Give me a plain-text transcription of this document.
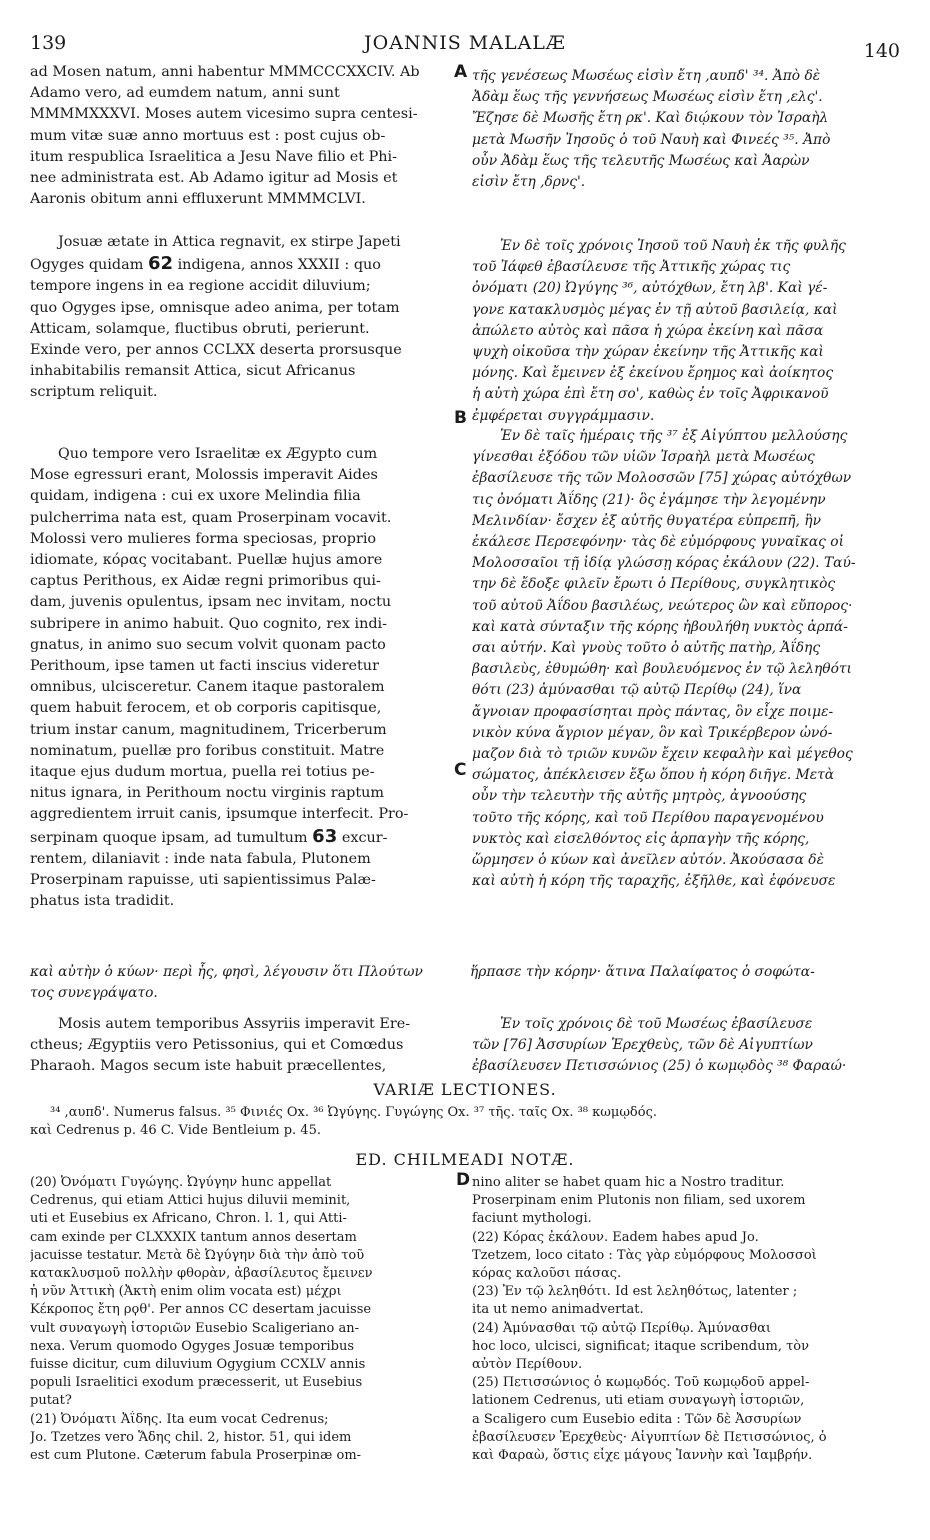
139	JOANNIS MALALÆ	140
ad Mosen natum, anni habentur MMMCCCXXCIV. Ab
Adamo vero, ad eumdem natum, anni sunt
MMMMXXXVI. Moses autem vicesimo supra centesi-
mum vitæ suæ anno mortuus est : post cujus ob-
itum respublica Israelitica a Jesu Nave filio et Phi-
nee administrata est. Ab Adamo igitur ad Mosis et
Aaronis obitum anni effluxerunt MMMMCLVI.
Josuæ ætate in Attica regnavit, ex stirpe Japeti
Ogyges quidam 62 indigena, annos XXXII : quo
tempore ingens in ea regione accidit diluvium;
quo Ogyges ipse, omnisque adeo anima, per totam
Atticam, solamque, fluctibus obruti, perierunt.
Exinde vero, per annos CCLXX deserta prorsusque
inhabitabilis remansit Attica, sicut Africanus
scriptum reliquit.
Quo tempore vero Israelitæ ex Ægypto cum
Mose egressuri erant, Molossis imperavit Aides
quidam, indigena : cui ex uxore Melindia filia
pulcherrima nata est, quam Proserpinam vocavit.
Molossi vero mulieres forma speciosas, proprio
idiomate, κόρας vocitabant. Puellæ hujus amore
captus Perithous, ex Aidæ regni primoribus qui-
dam, juvenis opulentus, ipsam nec invitam, noctu
subripere in animo habuit. Quo cognito, rex indi-
gnatus, in animo suo secum volvit quonam pacto
Perithoum, ipse tamen ut facti inscius videretur
omnibus, ulcisceretur. Canem itaque pastoralem
quem habuit ferocem, et ob corporis capitisque,
trium instar canum, magnitudinem, Tricerberum
nominatum, puellæ pro foribus constituit. Matre
itaque ejus dudum mortua, puella rei totius pe-
nitus ignara, in Perithoum noctu virginis raptum
aggredientem irruit canis, ipsumque interfecit. Pro-
serpinam quoque ipsam, ad tumultum 63 excur-
rentem, dilaniavit : inde nata fabula, Plutonem
Proserpinam rapuisse, uti sapientissimus Palæ-
phatus ista tradidit.
τῆς γενέσεως Μωσέως εἰσὶν ἔτη ,αυπδ' ³⁴. Ἀπὸ δὲ
Ἀδὰμ ἕως τῆς γεννήσεως Μωσέως εἰσὶν ἔτη ,ελς'.
Ἔζησε δὲ Μωσῆς ἔτη ρκ'. Καὶ διῴκουν τὸν Ἰσραὴλ
μετὰ Μωσῆν Ἰησοῦς ὁ τοῦ Ναυὴ καὶ Φινεές ³⁵. Ἀπὸ
οὖν Ἀδὰμ ἕως τῆς τελευτῆς Μωσέως καὶ Ἀαρὼν
εἰσὶν ἔτη ,δρνς'.
Ἐν δὲ τοῖς χρόνοις Ἰησοῦ τοῦ Ναυὴ ἐκ τῆς φυλῆς
τοῦ Ἰάφεθ ἐβασίλευσε τῆς Ἀττικῆς χώρας τις
ὀνόματι (20) Ὠγύγης ³⁶, αὐτόχθων, ἔτη λβ'. Καὶ γέ-
γονε κατακλυσμὸς μέγας ἐν τῇ αὐτοῦ βασιλείᾳ, καὶ
ἀπώλετο αὐτὸς καὶ πᾶσα ἡ χώρα ἐκείνη καὶ πᾶσα
ψυχὴ οἰκοῦσα τὴν χώραν ἐκείνην τῆς Ἀττικῆς καὶ
μόνης. Καὶ ἔμεινεν ἐξ ἐκείνου ἔρημος καὶ ἀοίκητος
ἡ αὐτὴ χώρα ἐπὶ ἔτη σο', καθὼς ἐν τοῖς Ἀφρικανοῦ
ἐμφέρεται συγγράμμασιν.
Ἐν δὲ ταῖς ἡμέραις τῆς ³⁷ ἐξ Αἰγύπτου μελλούσης
γίνεσθαι ἐξόδου τῶν υἱῶν Ἰσραὴλ μετὰ Μωσέως
ἐβασίλευσε τῆς τῶν Μολοσσῶν [75] χώρας αὐτόχθων
τις ὀνόματι Ἀΐδης (21)· ὃς ἐγάμησε τὴν λεγομένην
Μελινδίαν· ἔσχεν ἐξ αὐτῆς θυγατέρα εὐπρεπῆ, ἣν
ἐκάλεσε Περσεφόνην· τὰς δὲ εὐμόρφους γυναῖκας οἱ
Μολοσσαῖοι τῇ ἰδίᾳ γλώσσῃ κόρας ἐκάλουν (22). Ταύ-
την δὲ ἔδοξε φιλεῖν ἔρωτι ὁ Περίθους, συγκλητικὸς
τοῦ αὐτοῦ Ἀΐδου βασιλέως, νεώτερος ὢν καὶ εὔπορος·
καὶ κατὰ σύνταξιν τῆς κόρης ἠβουλήθη νυκτὸς ἁρπά-
σαι αὐτήν. Καὶ γνοὺς τοῦτο ὁ αὐτῆς πατὴρ, Ἀΐδης
βασιλεὺς, ἐθυμώθη· καὶ βουλευόμενος ἐν τῷ λεληθότι
θότι (23) ἀμύνασθαι τῷ αὐτῷ Περίθῳ (24), ἵνα
ἄγνοιαν προφασίσηται πρὸς πάντας, ὃν εἶχε ποιμε-
νικὸν κύνα ἄγριον μέγαν, ὃν καὶ Τρικέρβερον ὠνό-
μαζον διὰ τὸ τριῶν κυνῶν ἔχειν κεφαλὴν καὶ μέγεθος
σώματος, ἀπέκλεισεν ἔξω ὅπου ἡ κόρη διῆγε. Μετὰ
οὖν τὴν τελευτὴν τῆς αὐτῆς μητρὸς, ἀγνοούσης
τοῦτο τῆς κόρης, καὶ τοῦ Περίθου παραγενομένου
νυκτὸς καὶ εἰσελθόντος εἰς ἁρπαγὴν τῆς κόρης,
ὥρμησεν ὁ κύων καὶ ἀνεῖλεν αὐτόν. Ἀκούσασα δὲ
καὶ αὐτὴ ἡ κόρη τῆς ταραχῆς, ἐξῆλθε, καὶ ἐφόνευσε
A
B
C
D
καὶ αὐτὴν ὁ κύων· περὶ ἧς, φησὶ, λέγουσιν ὅτι Πλούτων	ἥρπασε τὴν κόρην· ἅτινα Παλαίφατος ὁ σοφώτα-
τος συνεγράψατο.
Mosis autem temporibus Assyriis imperavit Ere-
ctheus; Ægyptiis vero Petissonius, qui et Comœdus
Pharaoh. Magos secum iste habuit præcellentes,
Ἐν τοῖς χρόνοις δὲ τοῦ Μωσέως ἐβασίλευσε
τῶν [76] Ἀσσυρίων Ἐρεχθεὺς, τῶν δὲ Αἰγυπτίων
ἐβασίλευσεν Πετισσώνιος (25) ὁ κωμῳδὸς ³⁸ Φαραώ·
VARIÆ LECTIONES.
³⁴ ,αυπδ'. Numerus falsus. ³⁵ Φινιές Ox. ³⁶ Ὠγύγης. Γυγώγης Ox. ³⁷ τῆς. ταῖς Ox. ³⁸ κωμῳδός.
καὶ Cedrenus p. 46 C. Vide Bentleium p. 45.
ED. CHILMEADI NOTÆ.
(20) Ὀνόματι Γυγώγης. Ὠγύγην hunc appellat
Cedrenus, qui etiam Attici hujus diluvii meminit,
uti et Eusebius ex Africano, Chron. l. 1, qui Atti-
cam exinde per CLXXXIX tantum annos desertam
jacuisse testatur. Μετὰ δὲ Ὠγύγην διὰ τὴν ἀπὸ τοῦ
κατακλυσμοῦ πολλὴν φθορὰν, ἀβασίλευτος ἔμεινεν
ἡ νῦν Ἀττικὴ (Ἀκτὴ enim olim vocata est) μέχρι
Κέκροπος ἔτη ρϙθ'. Per annos CC desertam jacuisse
vult συναγωγὴ ἱστοριῶν Eusebio Scaligeriano an-
nexa. Verum quomodo Ogyges Josuæ temporibus
fuisse dicitur, cum diluvium Ogygium CCXLV annis
populi Israelitici exodum præcesserit, ut Eusebius
putat?
(21) Ὀνόματι Ἀΐδης. Ita eum vocat Cedrenus;
Jo. Tzetzes vero Ἅδης chil. 2, histor. 51, qui idem
est cum Plutone. Cæterum fabula Proserpinæ om-
nino aliter se habet quam hic a Nostro traditur.
Proserpinam enim Plutonis non filiam, sed uxorem
faciunt mythologi.
(22) Κόρας ἐκάλουν. Eadem habes apud Jo.
Tzetzem, loco citato : Τὰς γὰρ εὐμόρφους Μολοσσοὶ
κόρας καλοῦσι πάσας.
(23) Ἐν τῷ λεληθότι. Id est λεληθότως, latenter ;
ita ut nemo animadvertat.
(24) Ἀμύνασθαι τῷ αὐτῷ Περίθῳ. Ἀμύνασθαι
hoc loco, ulcisci, significat; itaque scribendum, τὸν
αὐτὸν Περίθουν.
(25) Πετισσώνιος ὁ κωμῳδός. Τοῦ κωμῳδοῦ appel-
lationem Cedrenus, uti etiam συναγωγὴ ἱστοριῶν,
a Scaligero cum Eusebio edita : Τῶν δὲ Ἀσσυρίων
ἐβασίλευσεν Ἐρεχθεὺς· Αἰγυπτίων δὲ Πετισσώνιος, ὁ
καὶ Φαραὼ, ὅστις εἶχε μάγους Ἰαννὴν καὶ Ἰαμβρήν.
